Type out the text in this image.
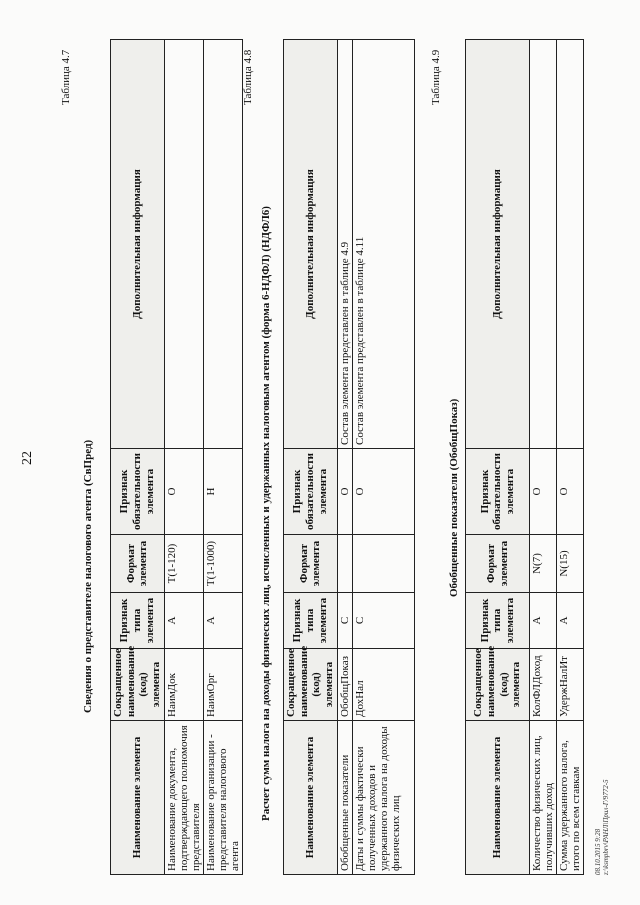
22
Таблица 4.7
Сведения о представителе налогового агента (СвПред)
Наименование элемента	Сокращенное наименование (код) элемента	Признак типа элемента	Формат элемента	Признак обязательности элемента	Дополнительная информация
Наименование документа, подтверждающего полномочия представителя	НаимДок	А	T(1-120)	О	
Наименование организации - представителя налогового агента	НаимОрг	А	T(1-1000)	Н	
Таблица 4.8
Расчет сумм налога на доходы физических лиц, исчисленных и удержанных налоговым агентом (форма 6-НДФЛ) (НДФЛ6)	Наименование элемента	Сокращенное наименование (код) элемента	Признак типа элемента	Формат элемента	Признак обязательности элемента	Дополнительная информация
Обобщенные показатели	ОбобщПоказ	С		О	Состав элемента представлен в таблице 4.9
Даты и суммы фактически полученных доходов и удержанного налога на доходы физических лиц	ДохНал	С		О	Состав элемента представлен в таблице 4.11
Таблица 4.9
Обобщенные показатели (ОбобщПоказ)
Наименование элемента	Сокращенное наименование (код) элемента	Признак типа элемента	Формат элемента	Признак обязательности элемента	Дополнительная информация
Количество физических лиц, получивших доход	КолФЛДоход	А	N(7)	О	
Сумма удержанного налога, итого по всем ставкам	УдержНалИт	А	N(15)	О	
08.10.2015 9:28 z:\ksmpbrv\РАНЛ\Прил-Г/9772-5
